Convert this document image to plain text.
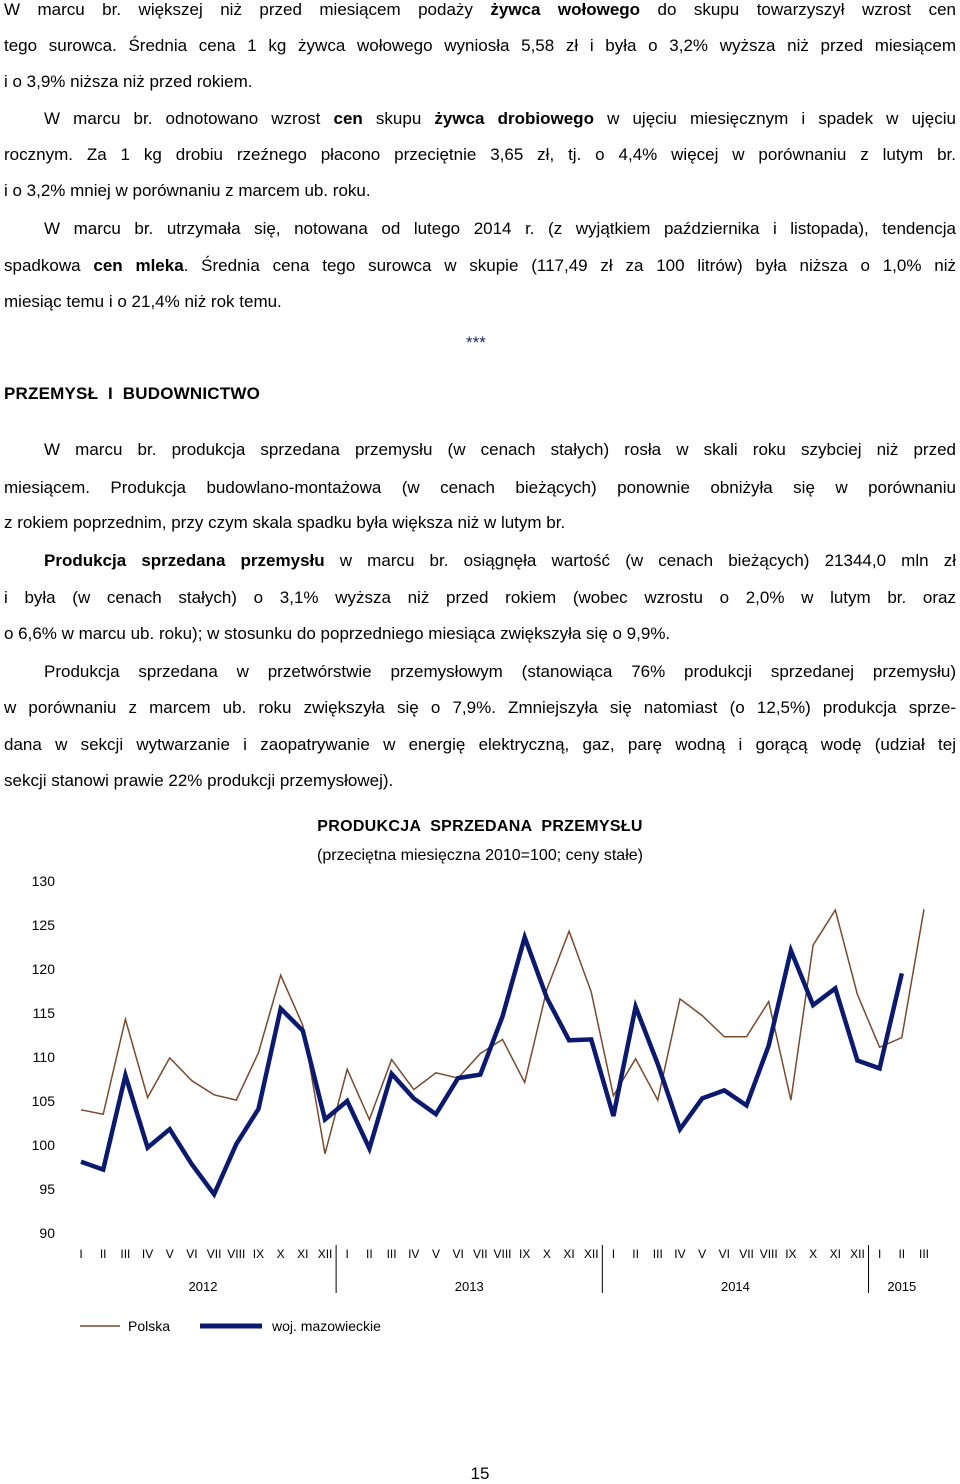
W marcu br. większej niż przed miesiącem podaży żywca wołowego do skupu towarzyszył wzrost cen
tego surowca. Średnia cena 1 kg żywca wołowego wyniosła 5,58 zł i była o 3,2% wyższa niż przed miesiącem
i o 3,9% niższa niż przed rokiem.
W marcu br. odnotowano wzrost cen skupu żywca drobiowego w ujęciu miesięcznym i spadek w ujęciu
rocznym. Za 1 kg drobiu rzeźnego płacono przeciętnie 3,65 zł, tj. o 4,4% więcej w porównaniu z lutym br.
i o 3,2% mniej w porównaniu z marcem ub. roku.
W marcu br. utrzymała się, notowana od lutego 2014 r. (z wyjątkiem października i listopada), tendencja
spadkowa cen mleka. Średnia cena tego surowca w skupie (117,49 zł za 100 litrów) była niższa o 1,0% niż
miesiąc temu i o 21,4% niż rok temu.
***
PRZEMYSŁ  I  BUDOWNICTWO
W marcu br. produkcja sprzedana przemysłu (w cenach stałych) rosła w skali roku szybciej niż przed
miesiącem. Produkcja budowlano-montażowa (w cenach bieżących) ponownie obniżyła się w porównaniu
z rokiem poprzednim, przy czym skala spadku była większa niż w lutym br.
Produkcja sprzedana przemysłu w marcu br. osiągnęła wartość (w cenach bieżących) 21344,0 mln zł
i była (w cenach stałych) o 3,1% wyższa niż przed rokiem (wobec wzrostu o 2,0% w lutym br. oraz
o 6,6% w marcu ub. roku); w stosunku do poprzedniego miesiąca zwiększyła się o 9,9%.
Produkcja sprzedana w przetwórstwie przemysłowym (stanowiąca 76% produkcji sprzedanej przemysłu)
w porównaniu z marcem ub. roku zwiększyła się o 7,9%. Zmniejszyła się natomiast (o 12,5%) produkcja sprze-
dana w sekcji wytwarzanie i zaopatrywanie w energię elektryczną, gaz, parę wodną i gorącą wodę (udział tej
sekcji stanowi prawie 22% produkcji przemysłowej).
PRODUKCJA  SPRZEDANA  PRZEMYSŁU
(przeciętna miesięczna 2010=100; ceny stałe)
90
95
100
105
110
115
120
125
130
I II III IV V VI VII VIII IX X XI XII I II III IV V VI VII VIII IX X XI XII I II III IV V VI VII VIII IX X XI XII I II III
2012	2013	2014	2015
Polska	woj. mazowieckie
15
